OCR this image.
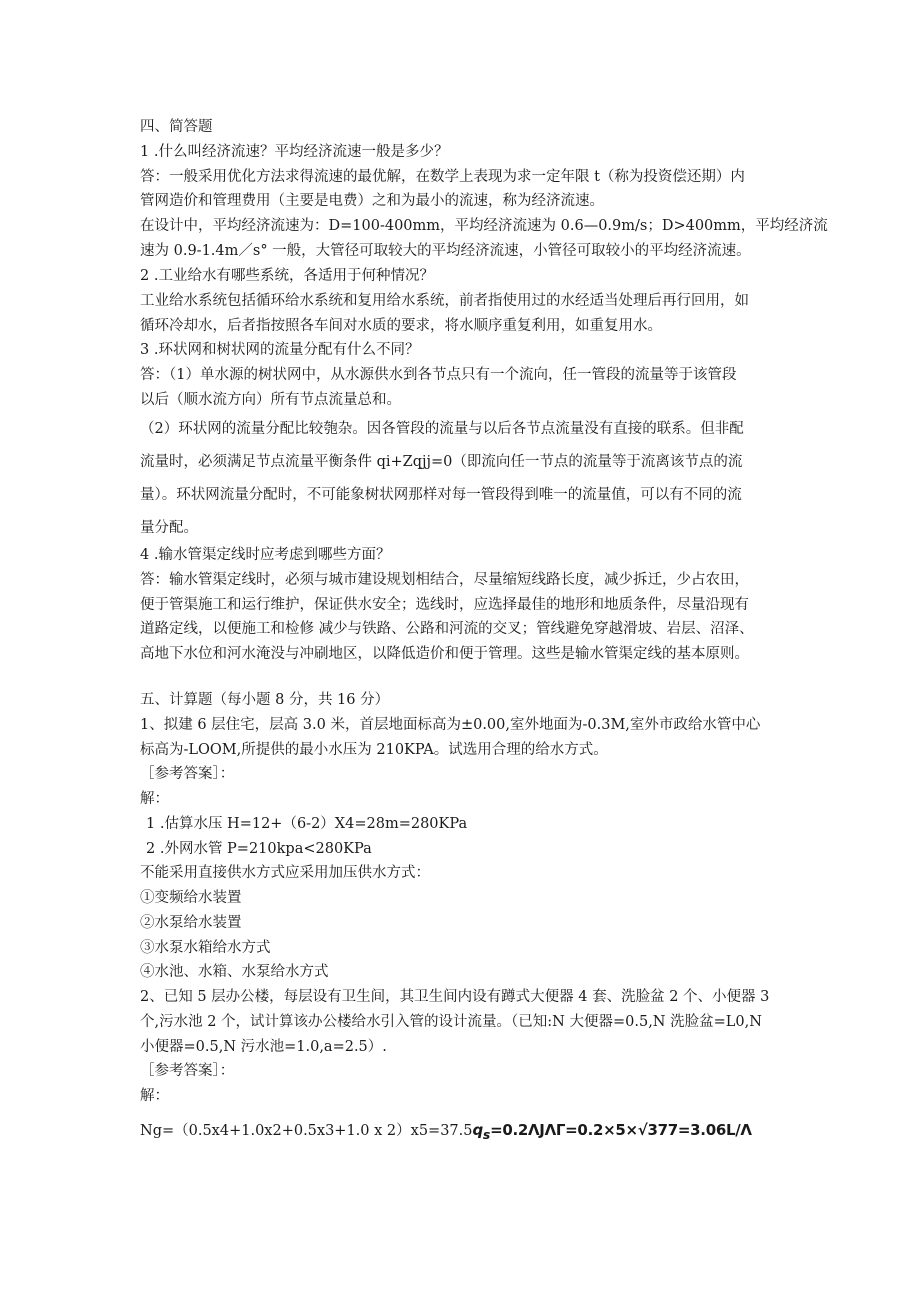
四、简答题
1 .什么叫经济流速？平均经济流速一般是多少？
答：一般采用优化方法求得流速的最优解，在数学上表现为求一定年限 t（称为投资偿还期）内
管网造价和管理费用（主要是电费）之和为最小的流速，称为经济流速。
在设计中，平均经济流速为：D=100-400mm，平均经济流速为 0.6—0.9m/s；D>400mm，平均经济流
速为 0.9-1.4m／s° 一般，大管径可取较大的平均经济流速，小管径可取较小的平均经济流速。
2 .工业给水有哪些系统，各适用于何种情况？
工业给水系统包括循环给水系统和复用给水系统，前者指使用过的水经适当处理后再行回用，如
循环冷却水，后者指按照各车间对水质的要求，将水顺序重复利用，如重复用水。
3 .环状网和树状网的流量分配有什么不同？
答：（1）单水源的树状网中，从水源供水到各节点只有一个流向，任一管段的流量等于该管段
以后（顺水流方向）所有节点流量总和。
（2）环状网的流量分配比较匏杂。因各管段的流量与以后各节点流量没有直接的联系。但非配
流量时，必须满足节点流量平衡条件 qi+Zqjj=0（即流向任一节点的流量等于流离该节点的流
量）。环状网流量分配时，不可能象树状网那样对每一管段得到唯一的流量值，可以有不同的流
量分配。
4 .输水管渠定线时应考虑到哪些方面？
答：输水管渠定线时，必须与城市建设规划相结合，尽量缩短线路长度，减少拆迁，少占农田，
便于管渠施工和运行维护，保证供水安全；选线时，应选择最佳的地形和地质条件，尽量沿现有
道路定线，以便施工和检修 减少与铁路、公路和河流的交叉；管线避免穿越滑坡、岩层、沼泽、
高地下水位和河水淹没与冲刷地区，以降低造价和便于管理。这些是输水管渠定线的基本原则。
五、计算题（每小题 8 分，共 16 分）
1、拟建 6 层住宅，层高 3.0 米，首层地面标高为±0.00,室外地面为-0.3M,室外市政给水管中心
标高为-LOOM,所提供的最小水压为 210KPA。试选用合理的给水方式。
［参考答案］：
解：
1 .估算水压 H=12+（6-2）X4=28m=280KPa
2 .外网水管 P=210kpa<280KPa
不能采用直接供水方式应采用加压供水方式：
①变频给水装置
②水泵给水装置
③水泵水箱给水方式
④水池、水箱、水泵给水方式
2、已知 5 层办公楼，每层设有卫生间，其卫生间内设有蹲式大便器 4 套、洗脸盆 2 个、小便器 3
个,污水池 2 个，试计算该办公楼给水引入管的设计流量。（已知:N 大便器=0.5,N 洗脸盆=L0,N
小便器=0.5,N 污水池=1.0,a=2.5）.
［参考答案］：
解：
Ng=（0.5x4+1.0x2+0.5x3+1.0 x $2)x5=37.5q_s=0.2\Lambda J\Lambda\Gamma=0.2\times 5\times√377=3.06L/\Lambda$
